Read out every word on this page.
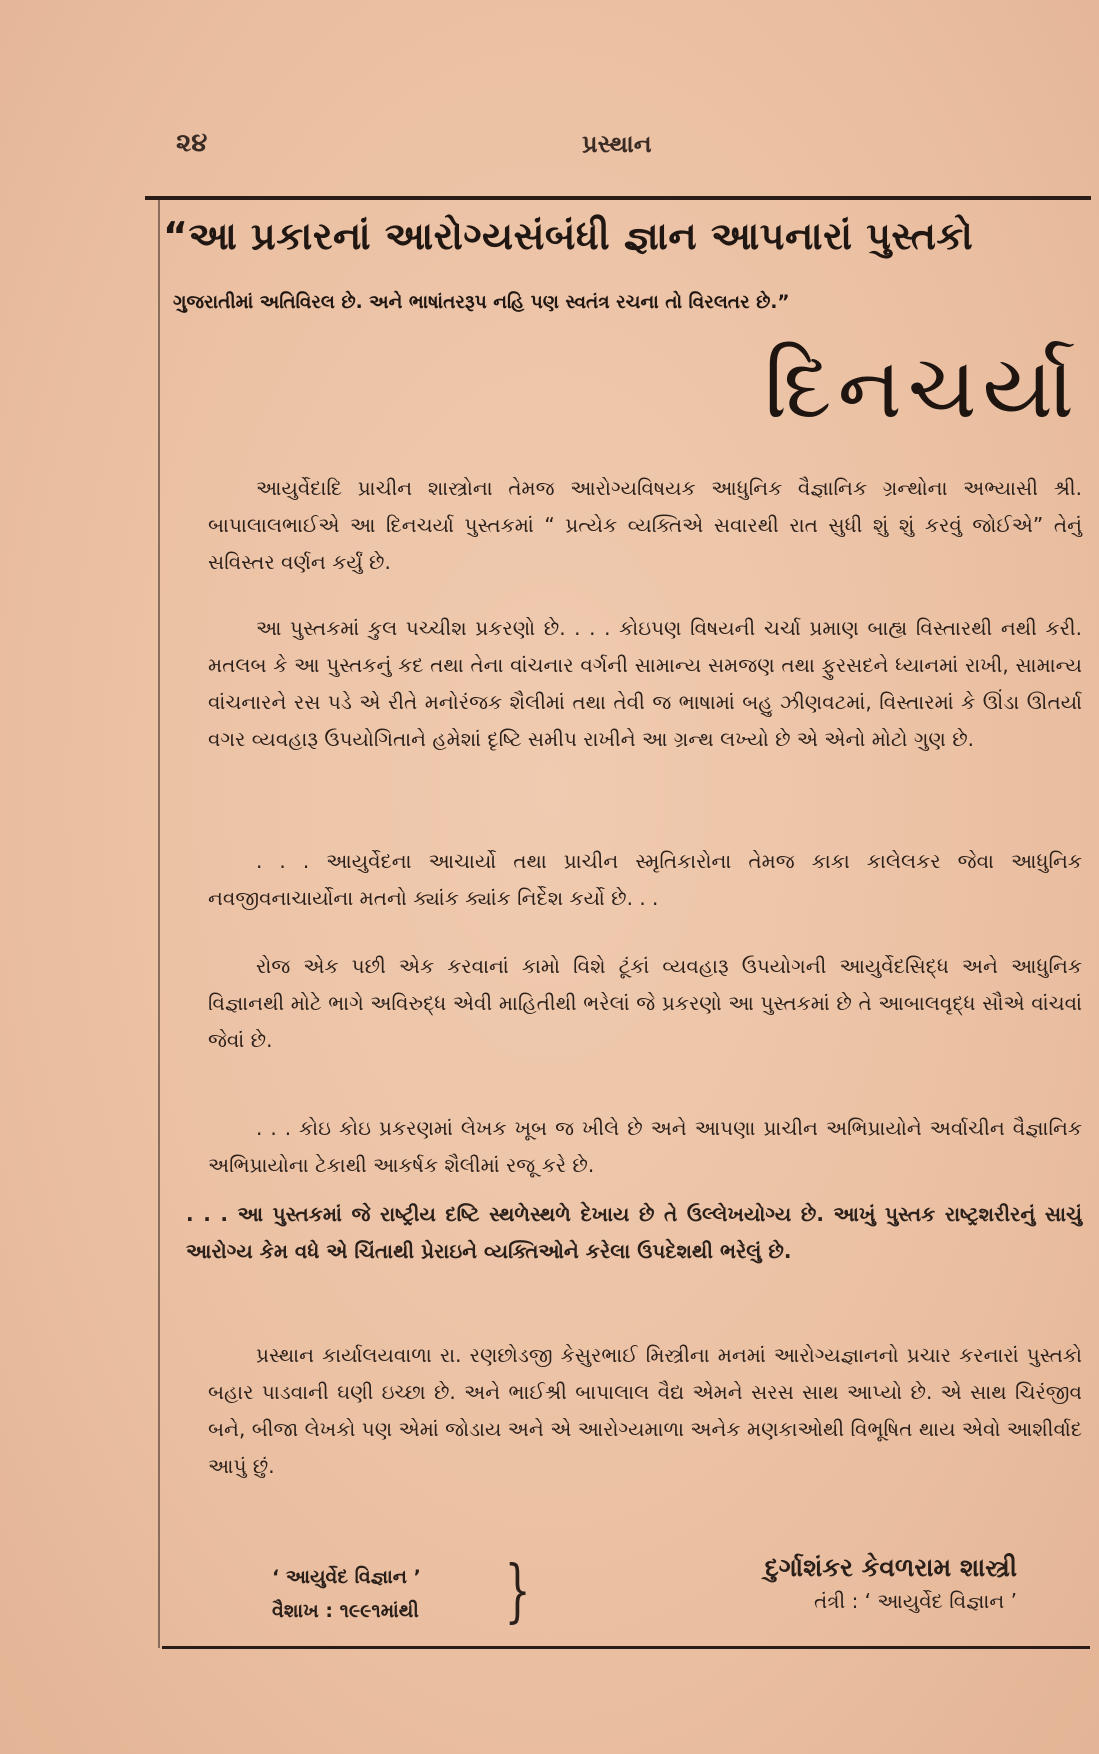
૨૪	પ્રસ્થાન
“આ પ્રકારનાં આરોગ્યસંબંધી જ્ઞાન આપનારાં પુસ્તકો
ગુજરાતીમાં અતિવિરલ છે. અને ભાષાંતરરૂપ નહિ પણ સ્વતંત્ર રચના તો વિરલતર છે.”
દિનચર્યા
આયુર્વેદાદિ પ્રાચીન શાસ્ત્રોના તેમજ આરોગ્યવિષયક આધુનિક વૈજ્ઞાનિક ગ્રન્થોના અભ્યાસી શ્રી. બાપાલાલભાઈએ આ દિનચર્યા પુસ્તકમાં “ પ્રત્યેક વ્યક્તિએ સવારથી રાત સુધી શું શું કરવું જોઈએ” તેનું સવિસ્તર વર્ણન કર્યું છે.
આ પુસ્તકમાં કુલ પચ્ચીશ પ્રકરણો છે. . . . કોઇપણ વિષયની ચર્ચા પ્રમાણ બાહ્ય વિસ્તારથી નથી કરી. મતલબ કે આ પુસ્તકનું કદ તથા તેના વાંચનાર વર્ગની સામાન્ય સમજણ તથા ફુરસદને ધ્યાનમાં રાખી, સામાન્ય વાંચનારને રસ પડે એ રીતે મનોરંજક શૈલીમાં તથા તેવી જ ભાષામાં બહુ ઝીણવટમાં, વિસ્તારમાં કે ઊંડા ઊતર્યા વગર વ્યવહારૂ ઉપયોગિતાને હમેશાં દૃષ્ટિ સમીપ રાખીને આ ગ્રન્થ લખ્યો છે એ એનો મોટો ગુણ છે.
. . . આયુર્વેદના આચાર્યો તથા પ્રાચીન સ્મૃતિકારોના તેમજ કાકા કાલેલકર જેવા આધુનિક નવજીવનાચાર્યોના મતનો ક્યાંક ક્યાંક નિર્દેશ કર્યો છે. . .
રોજ એક પછી એક કરવાનાં કામો વિશે ટૂંકાં વ્યવહારૂ ઉપયોગની આયુર્વેદસિદ્ધ અને આધુનિક વિજ્ઞાનથી મોટે ભાગે અવિરુદ્ધ એવી માહિતીથી ભરેલાં જે પ્રકરણો આ પુસ્તકમાં છે તે આબાલવૃદ્ધ સૌએ વાંચવાં જેવાં છે.
. . . કોઇ કોઇ પ્રકરણમાં લેખક ખૂબ જ ખીલે છે અને આપણા પ્રાચીન અભિપ્રાયોને અર્વાચીન વૈજ્ઞાનિક અભિપ્રાયોના ટેકાથી આકર્ષક શૈલીમાં રજૂ કરે છે.
. . . આ પુસ્તકમાં જે રાષ્ટ્રીય દષ્ટિ સ્થળેસ્થળે દેખાય છે તે ઉલ્લેખયોગ્ય છે. આખું પુસ્તક રાષ્ટ્રશરીરનું સાચું આરોગ્ય કેમ વધે એ ચિંતાથી પ્રેરાઇને વ્યક્તિઓને કરેલા ઉપદેશથી ભરેલું છે.
પ્રસ્થાન કાર્યાલયવાળા રા. રણછોડજી કેસુરભાઈ મિસ્ત્રીના મનમાં આરોગ્યજ્ઞાનનો પ્રચાર કરનારાં પુસ્તકો બહાર પાડવાની ઘણી ઇચ્છા છે. અને ભાઈશ્રી બાપાલાલ વૈદ્ય એમને સરસ સાથ આપ્યો છે. એ સાથ ચિરંજીવ બને, બીજા લેખકો પણ એમાં જોડાય અને એ આરોગ્યમાળા અનેક મણકાઓથી વિભૂષિત થાય એવો આશીર્વાદ આપું છું.
‘ આયુર્વેદ વિજ્ઞાન ’
વૈશાખ : ૧૯૯૧માંથી }	દુર્ગાશંકર કેવળરામ શાસ્ત્રી
તંત્રી : ‘ આયુર્વેદ વિજ્ઞાન ’
